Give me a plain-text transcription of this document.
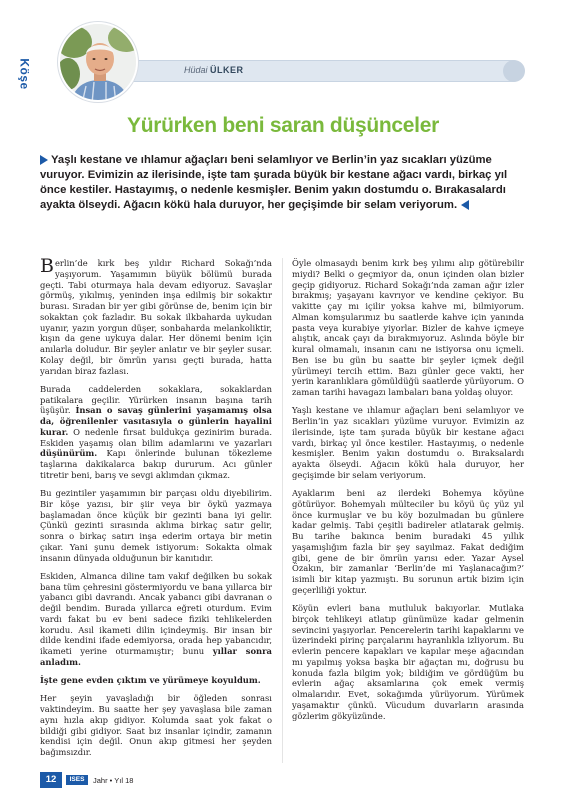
Köşe	Hüdai ÜLKER
Yürürken beni saran düşünceler
Yaşlı kestane ve ıhlamur ağaçları beni selamlıyor ve Berlin’in yaz sıcakları yüzüme vuruyor. Evimizin az ilerisinde, işte tam şurada büyük bir kestane ağacı vardı, birkaç yıl önce kestiler. Hastayımış, o nedenle kesmişler. Benim yakın dostumdu o. Bırakasalardı ayakta ölseydi. Ağacın kökü hala duruyor, her geçişimde bir selam veriyorum.

Berlin’de kırk beş yıldır Richard Sokağı’nda yaşıyorum. Yaşamımın büyük bölümü burada geçti. Tabi oturmaya hala devam ediyoruz. Savaşlar görmüş, yıkılmış, yeninden inşa edilmiş bir sokaktır burası. Sıradan bir yer gibi görünse de, benim için bir sokaktan çok fazladır. Bu sokak ilkbaharda uykudan uyanır, yazın yorgun düşer, sonbaharda melankoliktir, kışın da gene uykuya dalar. Her dönemi benim için anılarla doludur. Bir şeyler anlatır ve bir şeyler susar. Kolay değil, bir ömrün yarısı geçti burada, hatta yarıdan biraz fazlası.

Burada caddelerden sokaklara, sokaklardan patikalara geçilir. Yürürken insanın başına tarih üşüşür. İnsan o savaş günlerini yaşamamış olsa da, öğrenilenler vasıtasıyla o günlerin hayalini kurar. O nedenle fırsat buldukça gezinirim burada. Eskiden yaşamış olan bilim adamlarını ve yazarları düşünürüm. Kapı önlerinde bulunan tökezleme taşlarına dakikalarca bakıp dururum. Acı günler titretir beni, barış ve sevgi aklımdan çıkmaz.

Bu gezintiler yaşamımın bir parçası oldu diyebilirim. Bir köşe yazısı, bir şiir veya bir öykü yazmaya başlamadan önce küçük bir gezinti bana iyi gelir. Çünkü gezinti sırasında aklıma birkaç satır gelir, sonra o birkaç satırı inşa ederim ortaya bir metin çıkar. Yani şunu demek istiyorum: Sokakta olmak insanın dünyada olduğunun bir kanıtıdır.

Eskiden, Almanca diline tam vakıf değilken bu sokak bana tüm çehresini göstermiyordu ve bana yıllarca bir yabancı gibi davrandı. Ancak yabancı gibi davranan o değil bendim. Burada yıllarca eğreti oturdum. Evim vardı fakat bu ev beni sadece fiziki tehlikelerden korudu. Asıl ikameti dilin içindeymiş. Bir insan bir dilde kendini ifade edemiyorsa, orada hep yabancıdır, ikameti yerine oturmamıştır; bunu yıllar sonra anladım.

İşte gene evden çıktım ve yürümeye koyuldum.

Her şeyin yavaşladığı bir öğleden sonrası vaktindeyim. Bu saatte her şey yavaşlasa bile zaman aynı hızla akıp gidiyor. Kolumda saat yok fakat o bildiği gibi gidiyor. Saat bız insanlar içindir, zamanın kendisi için değil. Onun akıp gitmesi her şeyden bağımsızdır.

Öyle olmasaydı benim kırk beş yılımı alıp götürebilir miydi? Belki o geçmiyor da, onun içinden olan bizler geçip gidiyoruz. Richard Sokağı’nda zaman ağır izler bırakmış; yaşayanı kavrıyor ve kendine çekiyor. Bu vakitte çay mı içilir yoksa kahve mi, bilmiyorum. Alman komşularımız bu saatlerde kahve için yanında pasta veya kurabiye yiyorlar. Bizler de kahve içmeye alıştık, ancak çayı da bırakmıyoruz. Aslında böyle bir kural olmamalı, insanın canı ne istiyorsa onu içmeli. Ben ise bu gün bu saatte bir şeyler içmek değil yürümeyi tercih ettim. Bazı günler gece vakti, her yerin karanlıklara gömüldüğü saatlerde yürüyorum. O zaman tarihi havagazı lambaları bana yoldaş oluyor.

Yaşlı kestane ve ıhlamur ağaçları beni selamlıyor ve Berlin’in yaz sıcakları yüzüme vuruyor. Evimizin az ilerisinde, işte tam şurada büyük bir kestane ağacı vardı, birkaç yıl önce kestiler. Hastayımış, o nedenle kesmişler. Benim yakın dostumdu o. Bıraksalardı ayakta ölseydi. Ağacın kökü hala duruyor, her geçişimde bir selam veriyorum.

Ayaklarım beni az ilerdeki Bohemya köyüne götürüyor. Bohemyalı mülteciler bu köyü üç yüz yıl önce kurmuşlar ve bu köy bozulmadan bu günlere kadar gelmiş. Tabi çeşitli badireler atlatarak gelmiş. Bu tarihe bakınca benim buradaki 45 yıllık yaşamışlığım fazla bir şey sayılmaz. Fakat dediğim gibi, gene de bir ömrün yarısı eder. Yazar Aysel Özakın, bir zamanlar ‘Berlin’de mi Yaşlanacağım?’ isimli bir kitap yazmıştı. Bu sorunun artık bizim için geçerliliği yoktur.

Köyün evleri bana mutluluk bakıyorlar. Mutlaka birçok tehlikeyi atlatıp günümüze kadar gelmenin sevincini yaşıyorlar. Pencerelerin tarihi kapaklarını ve üzerindeki pirinç parçalarını hayranlıkla izliyorum. Bu evlerin pencere kapakları ve kapılar meşe ağacından mı yapılmış yoksa başka bir ağaçtan mı, doğrusu bu konuda fazla bilgim yok; bildiğim ve gördüğüm bu evlerin ağaç aksamlarına çok emek vermiş olmalarıdır. Evet, sokağımda yürüyorum. Yürümek yaşamaktır çünkü. Vücudum duvarların arasında gözlerim gökyüzünde.

12	ISES	Jahr • Yıl 18
